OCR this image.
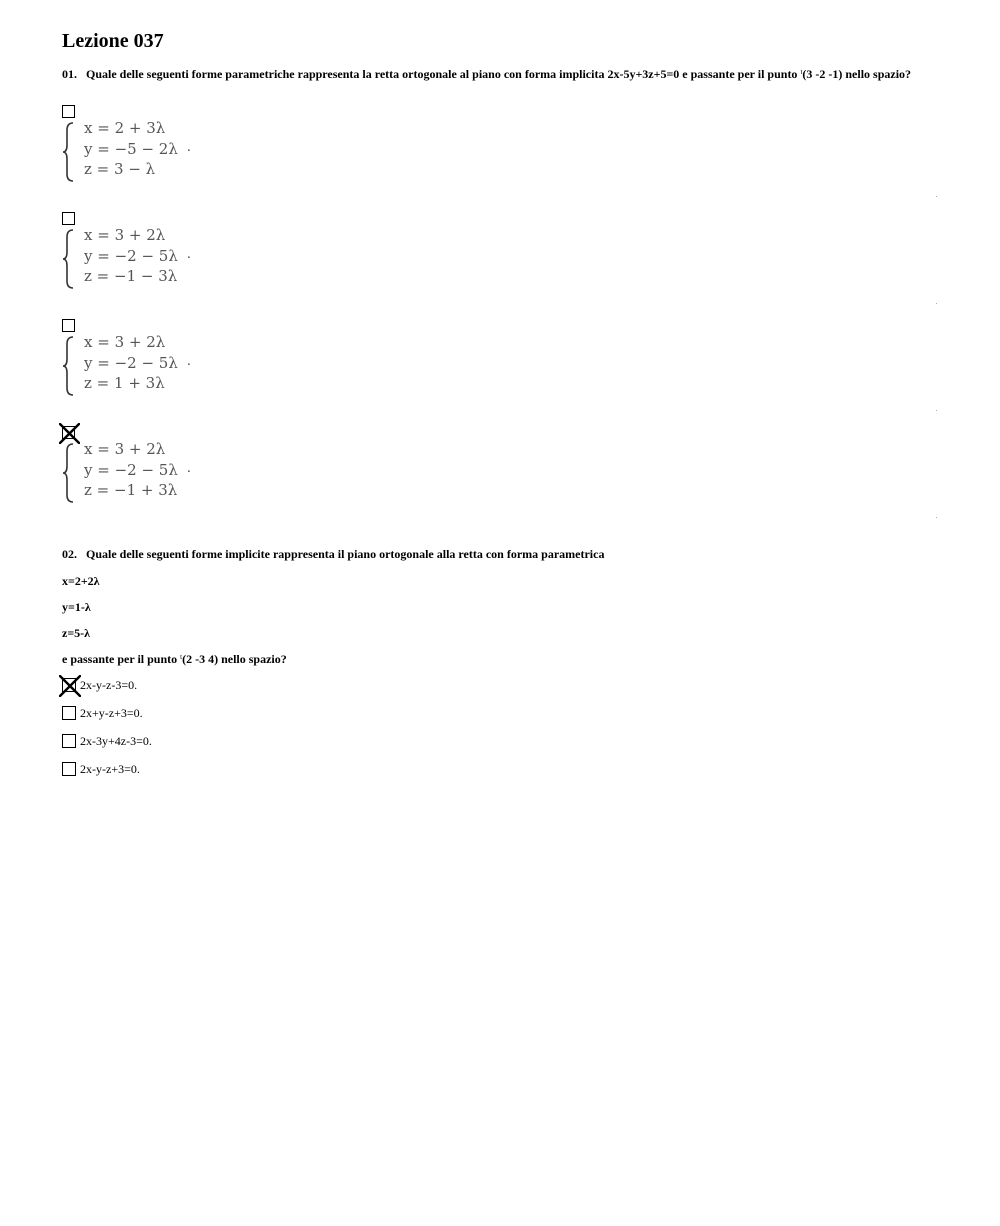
Lezione 037

01. Quale delle seguenti forme parametriche rappresenta la retta ortogonale al piano con forma implicita 2x-5y+3z+5=0 e passante per il punto $^t$(3 -2 -1) nello spazio?

x = 2 + 3λ
y = −5 − 2λ
z = 3 − λ
.
x = 3 + 2λ
y = −2 − 5λ
z = −1 − 3λ
.
x = 3 + 2λ
y = −2 − 5λ
z = 1 + 3λ
.
x = 3 + 2λ
y = −2 − 5λ
z = −1 + 3λ
.

02. Quale delle seguenti forme implicite rappresenta il piano ortogonale alla retta con forma parametrica

x=2+2λ

y=1-λ

z=5-λ

e passante per il punto $^t$(2 -3 4) nello spazio?

2x-y-z-3=0.
2x+y-z+3=0.
2x-3y+4z-3=0.
2x-y-z+3=0.
